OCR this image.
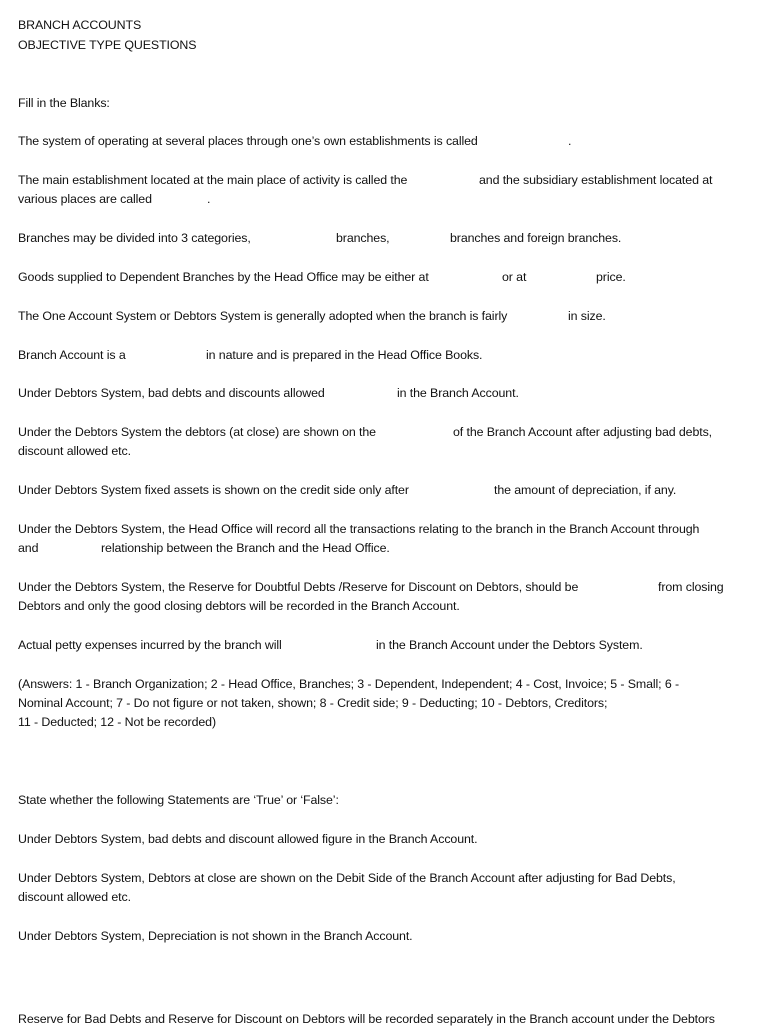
BRANCH ACCOUNTS
OBJECTIVE TYPE QUESTIONS
Fill in the Blanks:
The system of operating at several places through one’s own establishments is called	.
The main establishment located at the main place of activity is called the	and the subsidiary establishment located at
various places are called	.
Branches may be divided into 3 categories,	branches,	branches and foreign branches.
Goods supplied to Dependent Branches by the Head Office may be either at	or at	price.
The One Account System or Debtors System is generally adopted when the branch is fairly	in size.
Branch Account is a	in nature and is prepared in the Head Office Books.
Under Debtors System, bad debts and discounts allowed	in the Branch Account.
Under the Debtors System the debtors (at close) are shown on the	of the Branch Account after adjusting bad debts,
discount allowed etc.
Under Debtors System fixed assets is shown on the credit side only after	the amount of depreciation, if any.
Under the Debtors System, the Head Office will record all the transactions relating to the branch in the Branch Account through
and	relationship between the Branch and the Head Office.
Under the Debtors System, the Reserve for Doubtful Debts /Reserve for Discount on Debtors, should be	from closing
Debtors and only the good closing debtors will be recorded in the Branch Account.
Actual petty expenses incurred by the branch will	in the Branch Account under the Debtors System.
(Answers: 1 - Branch Organization; 2 - Head Office, Branches; 3 - Dependent, Independent; 4 - Cost, Invoice; 5 - Small; 6 -
Nominal Account; 7 - Do not figure or not taken, shown; 8 - Credit side; 9 - Deducting; 10 - Debtors, Creditors;
11 - Deducted; 12 - Not be recorded)
State whether the following Statements are ‘True’ or ‘False’:
Under Debtors System, bad debts and discount allowed figure in the Branch Account.
Under Debtors System, Debtors at close are shown on the Debit Side of the Branch Account after adjusting for Bad Debts,
discount allowed etc.
Under Debtors System, Depreciation is not shown in the Branch Account.
Reserve for Bad Debts and Reserve for Discount on Debtors will be recorded separately in the Branch account under the Debtors
